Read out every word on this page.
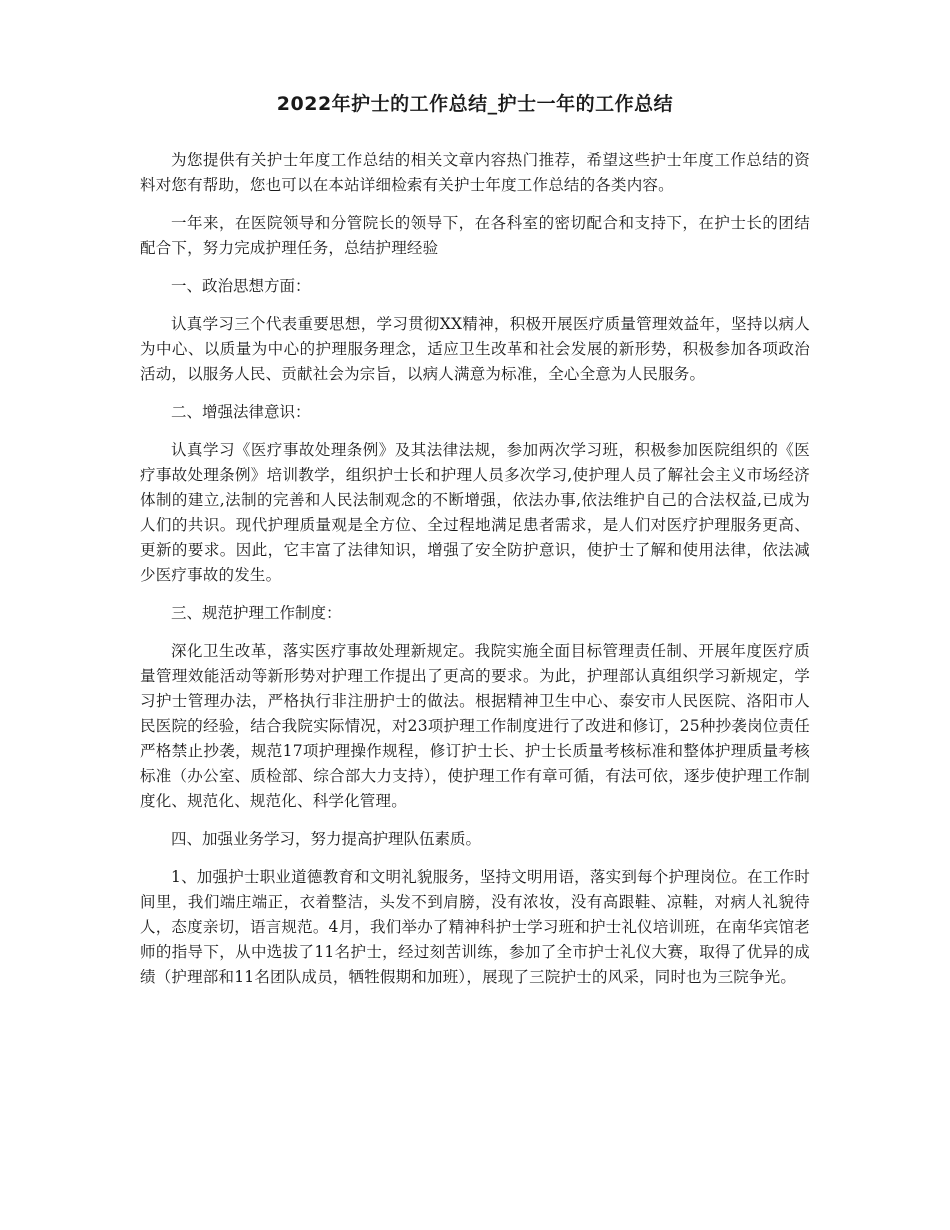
2022年护士的工作总结_护士一年的工作总结

为您提供有关护士年度工作总结的相关文章内容热门推荐，希望这些护士年度工作总结的资料对您有帮助，您也可以在本站详细检索有关护士年度工作总结的各类内容。

一年来，在医院领导和分管院长的领导下，在各科室的密切配合和支持下，在护士长的团结配合下，努力完成护理任务，总结护理经验

一、政治思想方面：

认真学习三个代表重要思想，学习贯彻XX精神，积极开展医疗质量管理效益年，坚持以病人为中心、以质量为中心的护理服务理念，适应卫生改革和社会发展的新形势，积极参加各项政治活动，以服务人民、贡献社会为宗旨，以病人满意为标准，全心全意为人民服务。

二、增强法律意识：

认真学习《医疗事故处理条例》及其法律法规，参加两次学习班，积极参加医院组织的《医疗事故处理条例》培训教学，组织护士长和护理人员多次学习,使护理人员了解社会主义市场经济体制的建立,法制的完善和人民法制观念的不断增强，依法办事,依法维护自己的合法权益,已成为人们的共识。现代护理质量观是全方位、全过程地满足患者需求，是人们对医疗护理服务更高、更新的要求。因此，它丰富了法律知识，增强了安全防护意识，使护士了解和使用法律，依法减少医疗事故的发生。

三、规范护理工作制度：

深化卫生改革，落实医疗事故处理新规定。我院实施全面目标管理责任制、开展年度医疗质量管理效能活动等新形势对护理工作提出了更高的要求。为此，护理部认真组织学习新规定，学习护士管理办法，严格执行非注册护士的做法。根据精神卫生中心、泰安市人民医院、洛阳市人民医院的经验，结合我院实际情况，对23项护理工作制度进行了改进和修订，25种抄袭岗位责任严格禁止抄袭，规范17项护理操作规程，修订护士长、护士长质量考核标准和整体护理质量考核标准（办公室、质检部、综合部大力支持），使护理工作有章可循，有法可依，逐步使护理工作制度化、规范化、规范化、科学化管理。

四、加强业务学习，努力提高护理队伍素质。

1、加强护士职业道德教育和文明礼貌服务，坚持文明用语，落实到每个护理岗位。在工作时间里，我们端庄端正，衣着整洁，头发不到肩膀，没有浓妆，没有高跟鞋、凉鞋，对病人礼貌待人，态度亲切，语言规范。4月，我们举办了精神科护士学习班和护士礼仪培训班，在南华宾馆老师的指导下，从中选拔了11名护士，经过刻苦训练，参加了全市护士礼仪大赛，取得了优异的成绩（护理部和11名团队成员，牺牲假期和加班），展现了三院护士的风采，同时也为三院争光。
